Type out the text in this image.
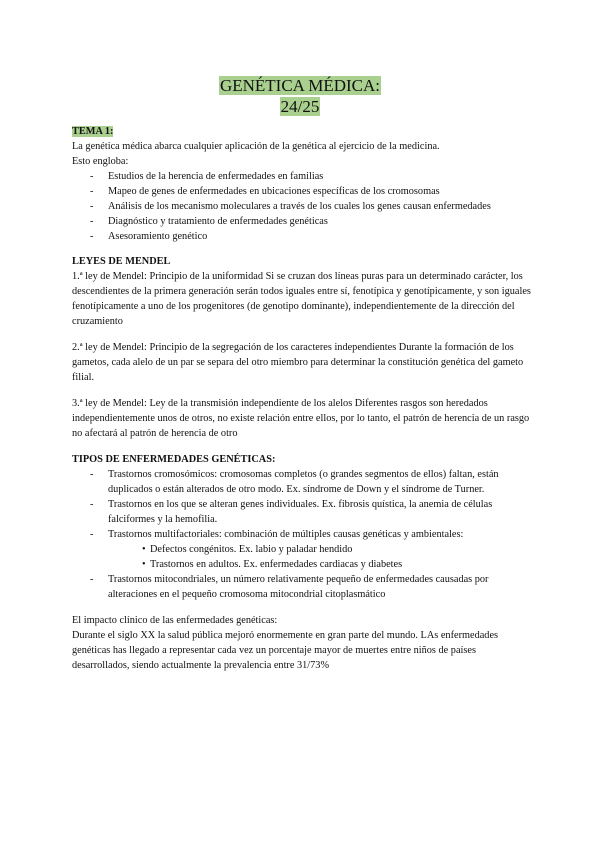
GENÉTICA MÉDICA:
24/25
TEMA 1:
La genética médica abarca cualquier aplicación de la genética al ejercicio de la medicina.
Esto engloba:
- Estudios de la herencia de enfermedades en familias
- Mapeo de genes de enfermedades en ubicaciones específicas de los cromosomas
- Análisis de los mecanismo moleculares a través de los cuales los genes causan enfermedades
- Diagnóstico y tratamiento de enfermedades genéticas
- Asesoramiento genético
LEYES DE MENDEL
1.ª ley de Mendel: Principio de la uniformidad Si se cruzan dos líneas puras para un determinado carácter, los descendientes de la primera generación serán todos iguales entre sí, fenotípica y genotípicamente, y son iguales fenotípicamente a uno de los progenitores (de genotipo dominante), independientemente de la dirección del cruzamiento
2.ª ley de Mendel: Principio de la segregación de los caracteres independientes Durante la formación de los gametos, cada alelo de un par se separa del otro miembro para determinar la constitución genética del gameto filial.
3.ª ley de Mendel: Ley de la transmisión independiente de los alelos Diferentes rasgos son heredados independientemente unos de otros, no existe relación entre ellos, por lo tanto, el patrón de herencia de un rasgo no afectará al patrón de herencia de otro
TIPOS DE ENFERMEDADES GENÉTICAS:
- Trastornos cromosómicos: cromosomas completos (o grandes segmentos de ellos) faltan, están duplicados o están alterados de otro modo. Ex. síndrome de Down y el síndrome de Turner.
- Trastornos en los que se alteran genes individuales. Ex. fibrosis quística, la anemia de células falciformes y la hemofilia.
- Trastornos multifactoriales: combinación de múltiples causas genéticas y ambientales:
• Defectos congénitos. Ex. labio y paladar hendido
• Trastornos en adultos. Ex. enfermedades cardiacas y diabetes
- Trastornos mitocondriales, un número relativamente pequeño de enfermedades causadas por alteraciones en el pequeño cromosoma mitocondrial citoplasmático
El impacto clínico de las enfermedades genéticas:
Durante el siglo XX la salud pública mejoró enormemente en gran parte del mundo. LAs enfermedades genéticas has llegado a representar cada vez un porcentaje mayor de muertes entre niños de países desarrollados, siendo actualmente la prevalencia entre 31/73%
